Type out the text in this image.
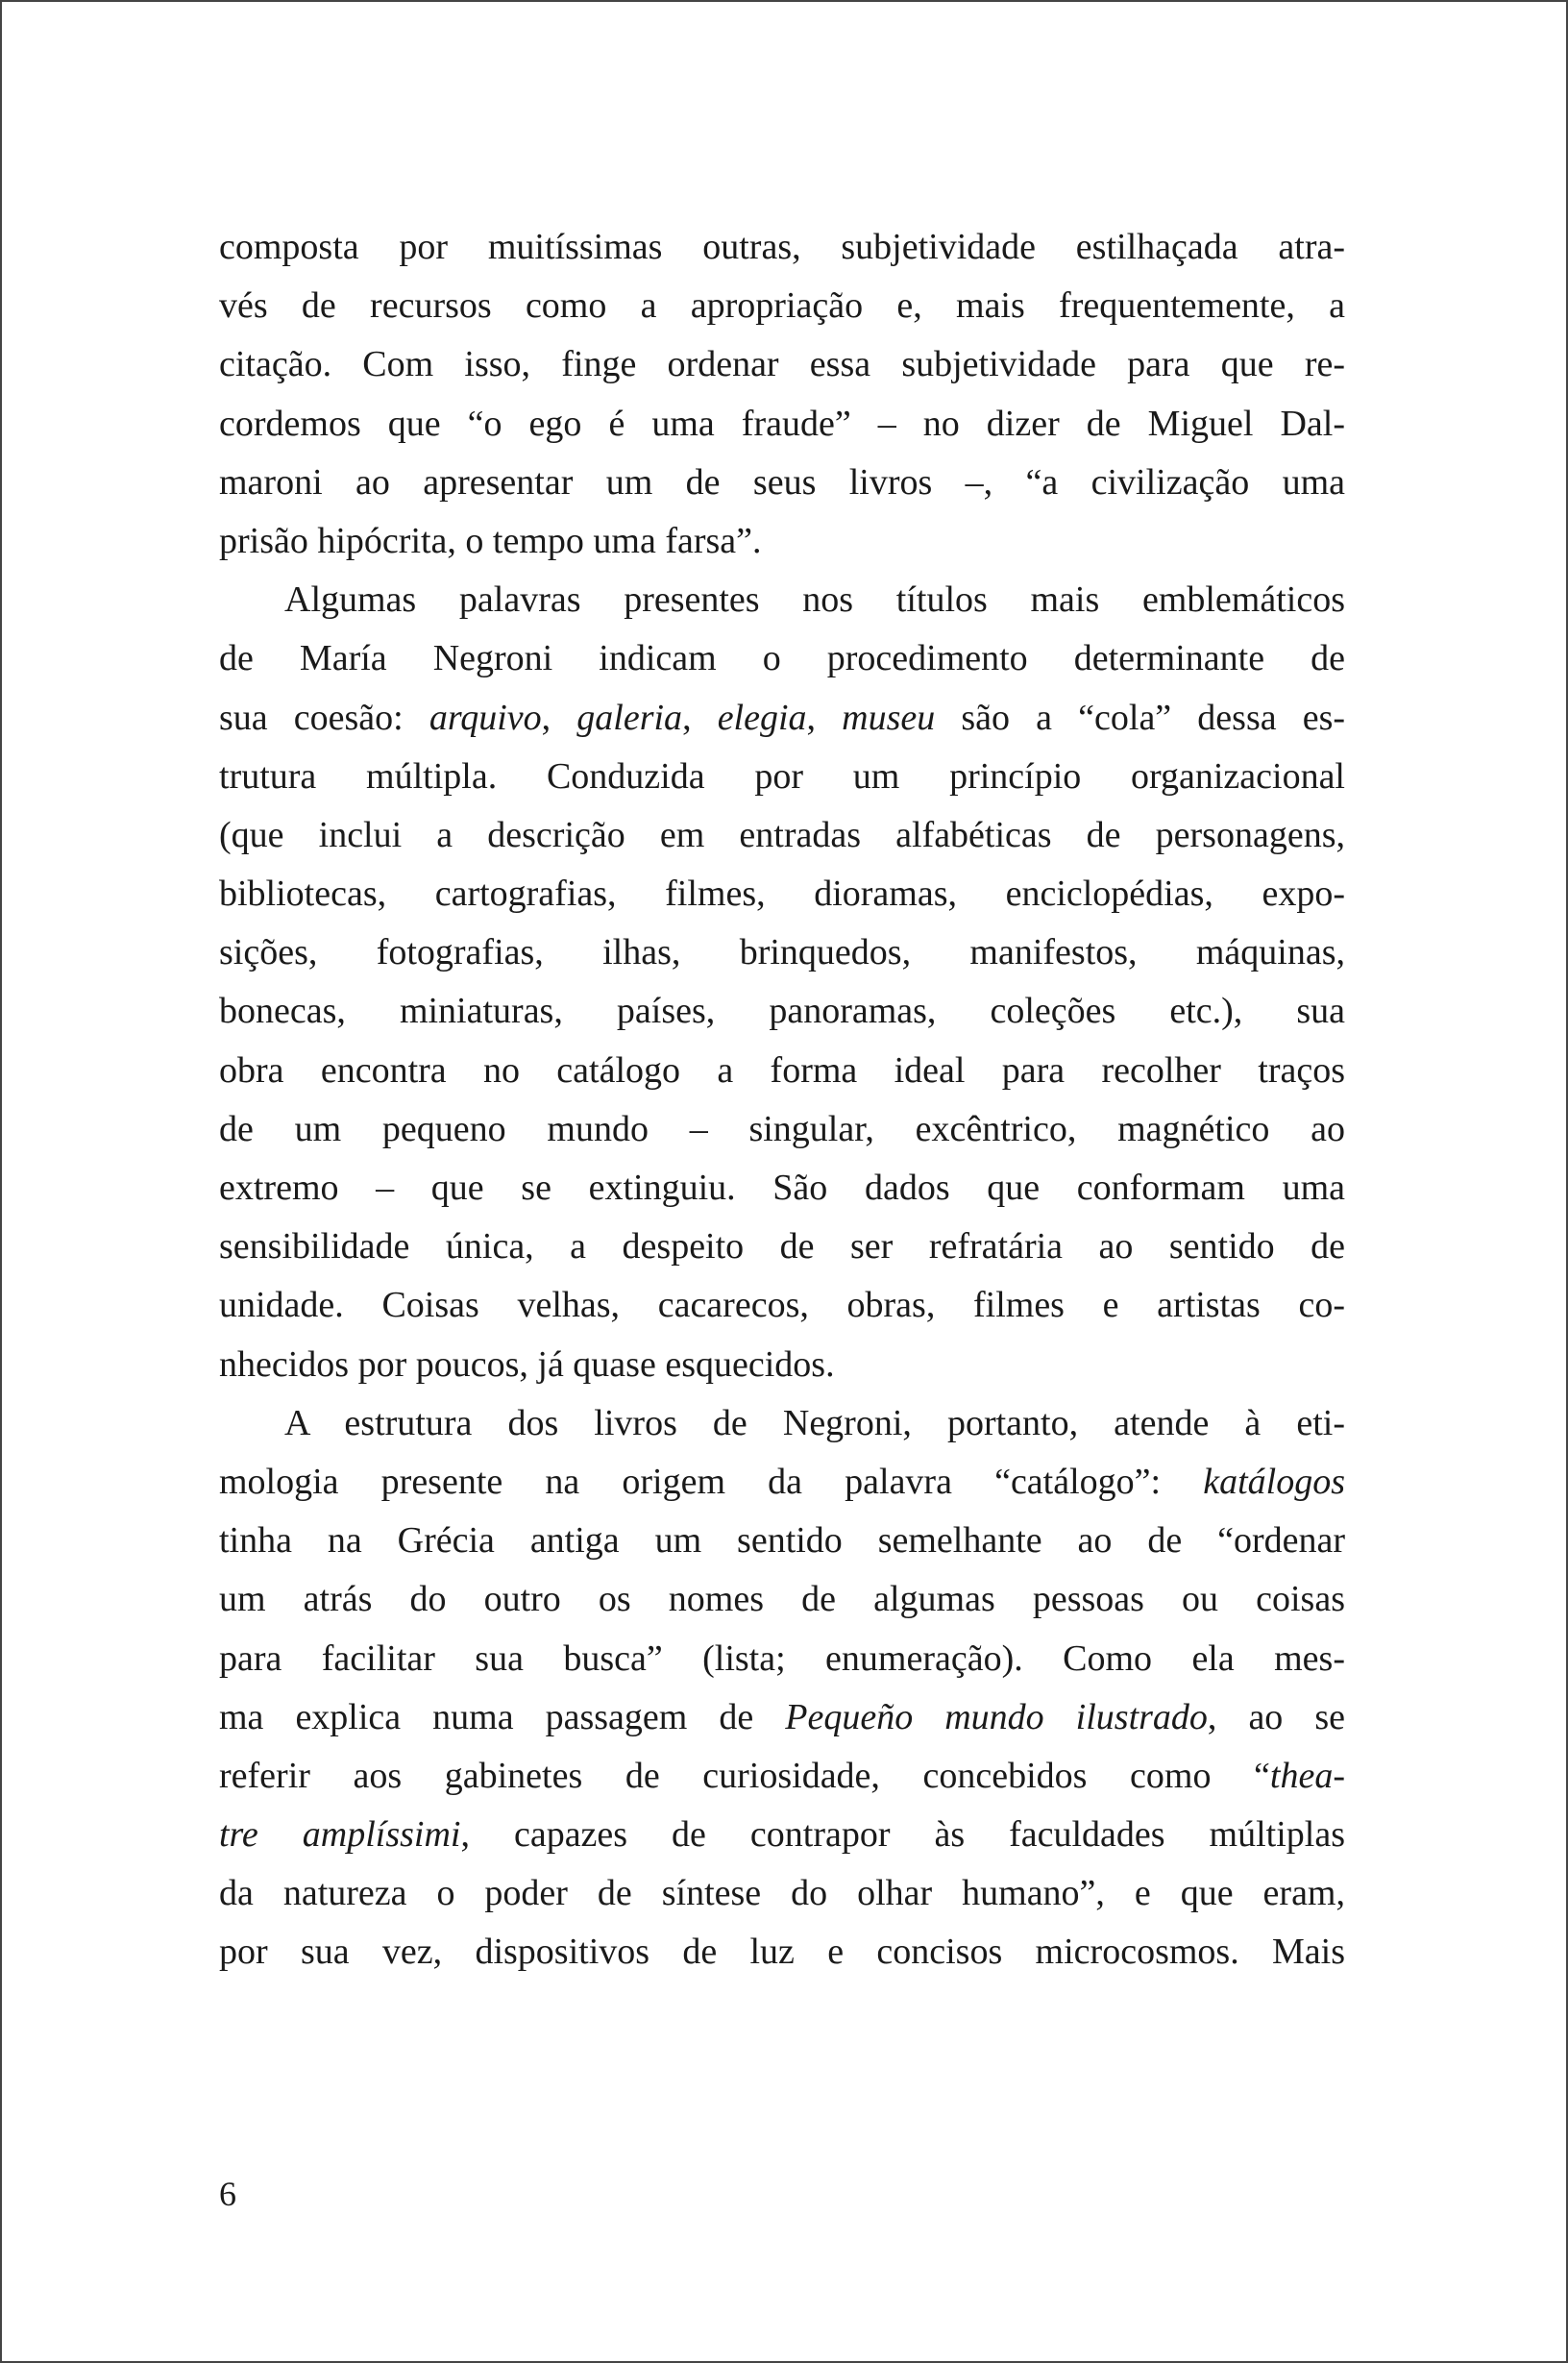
composta por muitíssimas outras, subjetividade estilhaçada atra-
vés de recursos como a apropriação e, mais frequentemente, a
citação. Com isso, finge ordenar essa subjetividade para que re-
cordemos que “o ego é uma fraude” – no dizer de Miguel Dal-
maroni ao apresentar um de seus livros –, “a civilização uma
prisão hipócrita, o tempo uma farsa”.
Algumas palavras presentes nos títulos mais emblemáticos
de María Negroni indicam o procedimento determinante de
sua coesão: arquivo, galeria, elegia, museu são a “cola” dessa es-
trutura múltipla. Conduzida por um princípio organizacional
(que inclui a descrição em entradas alfabéticas de personagens,
bibliotecas, cartografias, filmes, dioramas, enciclopédias, expo-
sições, fotografias, ilhas, brinquedos, manifestos, máquinas,
bonecas, miniaturas, países, panoramas, coleções etc.), sua
obra encontra no catálogo a forma ideal para recolher traços
de um pequeno mundo – singular, excêntrico, magnético ao
extremo – que se extinguiu. São dados que conformam uma
sensibilidade única, a despeito de ser refratária ao sentido de
unidade. Coisas velhas, cacarecos, obras, filmes e artistas co-
nhecidos por poucos, já quase esquecidos.
A estrutura dos livros de Negroni, portanto, atende à eti-
mologia presente na origem da palavra “catálogo”: katálogos
tinha na Grécia antiga um sentido semelhante ao de “ordenar
um atrás do outro os nomes de algumas pessoas ou coisas
para facilitar sua busca” (lista; enumeração). Como ela mes-
ma explica numa passagem de Pequeño mundo ilustrado, ao se
referir aos gabinetes de curiosidade, concebidos como “thea-
tre amplíssimi, capazes de contrapor às faculdades múltiplas
da natureza o poder de síntese do olhar humano”, e que eram,
por sua vez, dispositivos de luz e concisos microcosmos. Mais
6
